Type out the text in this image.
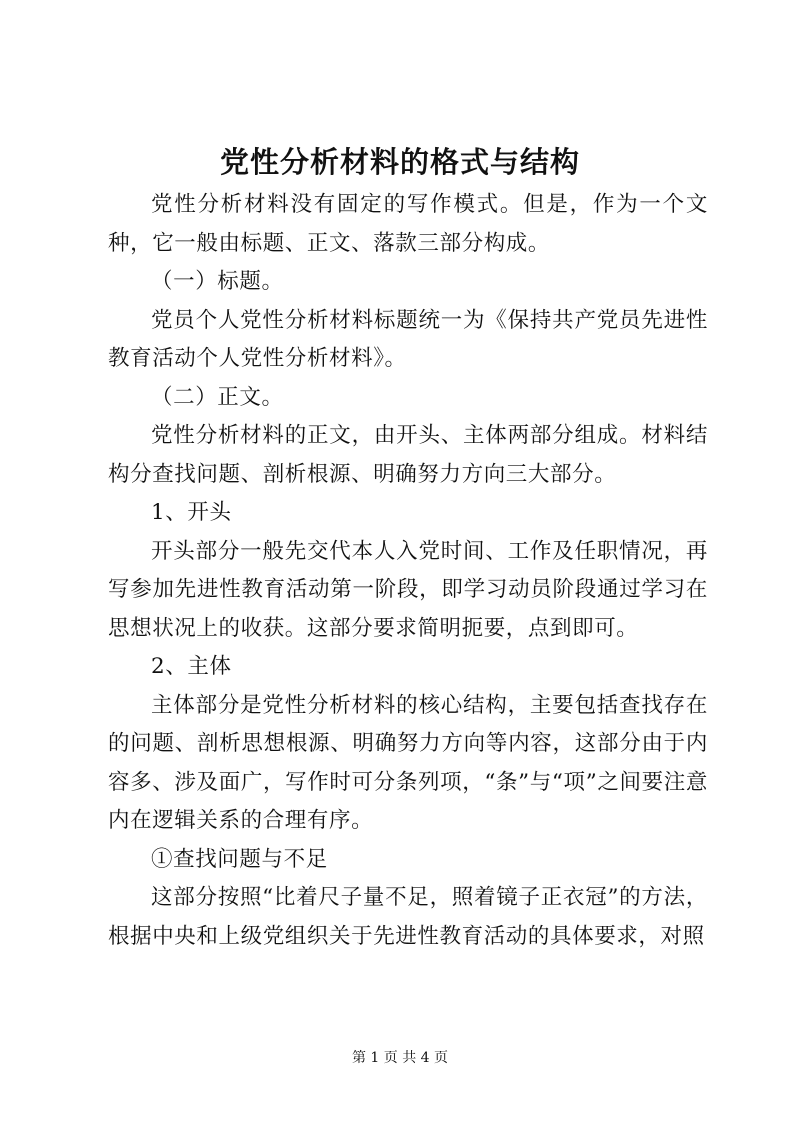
党性分析材料的格式与结构

党性分析材料没有固定的写作模式。但是，作为一个文种，它一般由标题、正文、落款三部分构成。

（一）标题。

党员个人党性分析材料标题统一为《保持共产党员先进性教育活动个人党性分析材料》。

（二）正文。

党性分析材料的正文，由开头、主体两部分组成。材料结构分查找问题、剖析根源、明确努力方向三大部分。

1、开头

开头部分一般先交代本人入党时间、工作及任职情况，再写参加先进性教育活动第一阶段，即学习动员阶段通过学习在思想状况上的收获。这部分要求简明扼要，点到即可。

2、主体

主体部分是党性分析材料的核心结构，主要包括查找存在的问题、剖析思想根源、明确努力方向等内容，这部分由于内容多、涉及面广，写作时可分条列项，“条”与“项”之间要注意内在逻辑关系的合理有序。

①查找问题与不足

这部分按照“比着尺子量不足，照着镜子正衣冠”的方法，根据中央和上级党组织关于先进性教育活动的具体要求，对照

第 1 页 共 4 页
